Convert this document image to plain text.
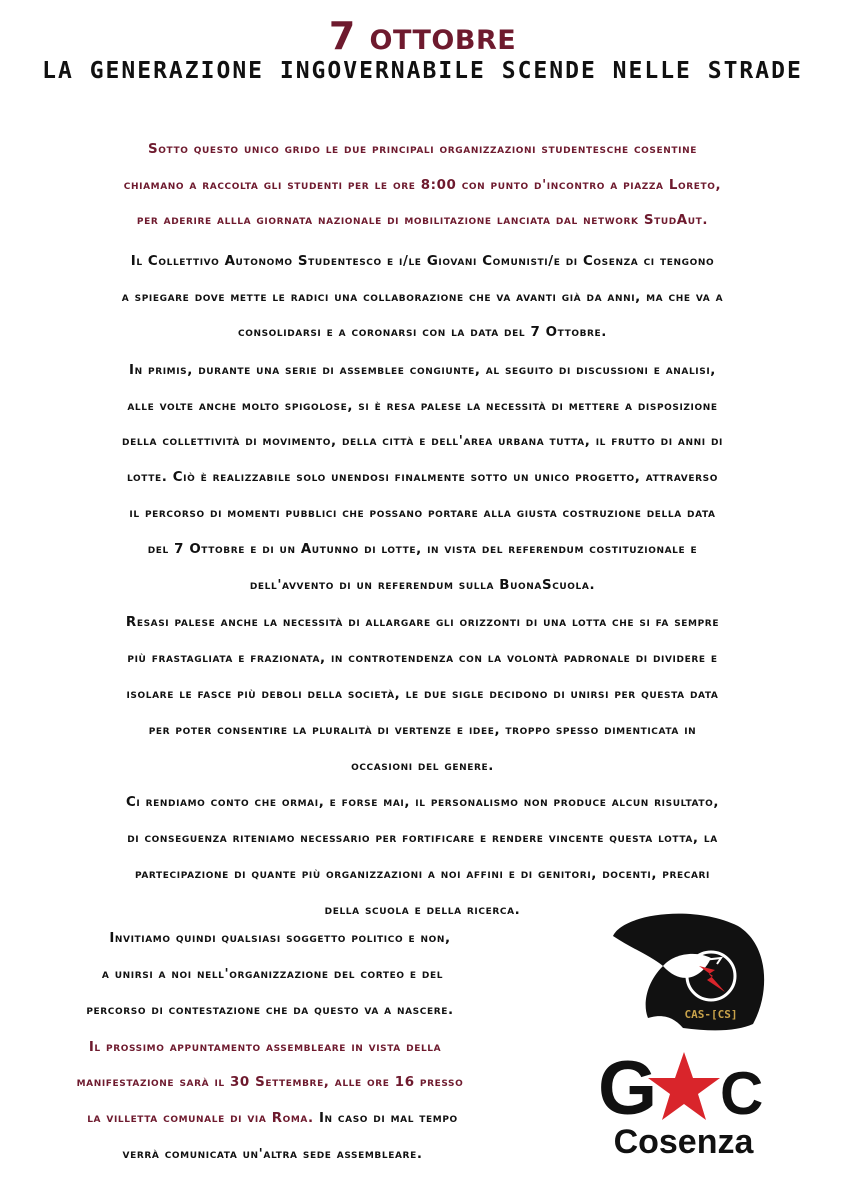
7 ottobre
LA GENERAZIONE INGOVERNABILE SCENDE NELLE STRADE
Sotto questo unico grido le due principali organizzazioni studentesche cosentine
chiamano a raccolta gli studenti per le ore 8:00 con punto d'incontro a piazza Loreto,
per aderire allla giornata nazionale di mobilitazione lanciata dal network StudAut.
Il Collettivo Autonomo Studentesco e i/le Giovani Comunisti/e di Cosenza ci tengono
a spiegare dove mette le radici una collaborazione che va avanti già da anni, ma che va a
consolidarsi e a coronarsi con la data del 7 Ottobre.
In primis, durante una serie di assemblee congiunte, al seguito di discussioni e analisi,
alle volte anche molto spigolose, si è resa palese la necessità di mettere a disposizione
della collettività di movimento, della città e dell'area urbana tutta, il frutto di anni di
lotte. Ciò è realizzabile solo unendosi finalmente sotto un unico progetto, attraverso
il percorso di momenti pubblici che possano portare alla giusta costruzione della data
del 7 Ottobre e di un Autunno di lotte, in vista del referendum costituzionale e
dell'avvento di un referendum sulla BuonaScuola.
Resasi palese anche la necessità di allargare gli orizzonti di una lotta che si fa sempre
più frastagliata e frazionata, in controtendenza con la volontà padronale di dividere e
isolare le fasce più deboli della società, le due sigle decidono di unirsi per questa data
per poter consentire la pluralità di vertenze e idee, troppo spesso dimenticata in
occasioni del genere.
Ci rendiamo conto che ormai, e forse mai, il personalismo non produce alcun risultato,
di conseguenza riteniamo necessario per fortificare e rendere vincente questa lotta, la
partecipazione di quante più organizzazioni a noi affini e di genitori, docenti, precari
della scuola e della ricerca.
Invitiamo quindi qualsiasi soggetto politico e non,
a unirsi a noi nell'organizzazione del corteo e del
percorso di contestazione che da questo va a nascere.
Il prossimo appuntamento assembleare in vista della
manifestazione sarà il 30 Settembre, alle ore 16 presso
la villetta comunale di via Roma. In caso di mal tempo
verrà comunicata un'altra sede assembleare.
CAS-[CS]
G C
Cosenza
